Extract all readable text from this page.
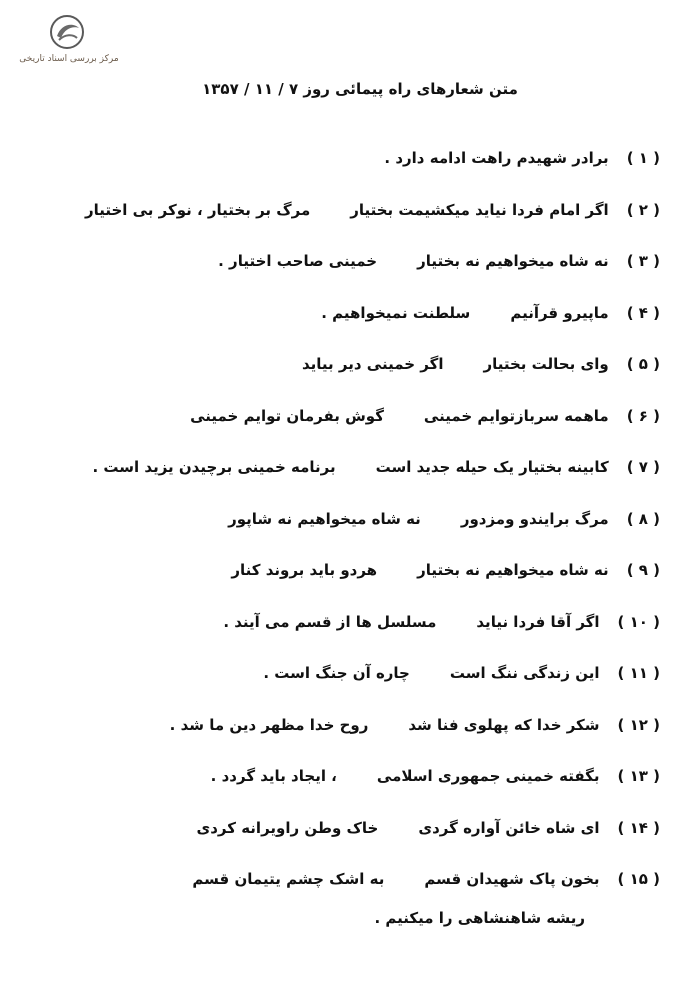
مرکز بررسی اسناد تاریخی
متن شعارهای راه پیمائی روز ۷ / ۱۱ / ۱۳۵۷
( ۱ )
برادر شهیدم راهت ادامه دارد .
( ۲ )
اگر امام فردا نیاید میکشیمت بختیار
مرگ بر بختیار ، نوکر بی اختیار
( ۳ )
نه شاه میخواهیم نه بختیار
خمینی صاحب اختیار .
( ۴ )
ماپیرو قرآنیم
سلطنت نمیخواهیم .
( ۵ )
وای بحالت بختیار
اگر خمینی دیر بیاید
( ۶ )
ماهمه سربازتوایم خمینی
گوش بفرمان توایم خمینی
( ۷ )
کابینه بختیار یک حیله جدید است
برنامه خمینی برچیدن یزید است .
( ۸ )
مرگ برایندو ومزدور
نه شاه میخواهیم نه شاپور
( ۹ )
نه شاه میخواهیم نه بختیار
هردو باید بروند کنار
( ۱۰ )
اگر آقا فردا نیاید
مسلسل ها از قسم می آیند .
( ۱۱ )
این زندگی ننگ است
چاره آن جنگ است .
( ۱۲ )
شکر خدا که پهلوی فنا شد
روح خدا مظهر دین ما شد .
( ۱۳ )
بگفته خمینی جمهوری اسلامی
، ایجاد باید گردد .
( ۱۴ )
ای شاه خائن آواره گردی
خاک وطن راویرانه کردی
( ۱۵ )
بخون پاک شهیدان قسم
به اشک چشم یتیمان قسم
ریشه شاهنشاهی را میکنیم .
